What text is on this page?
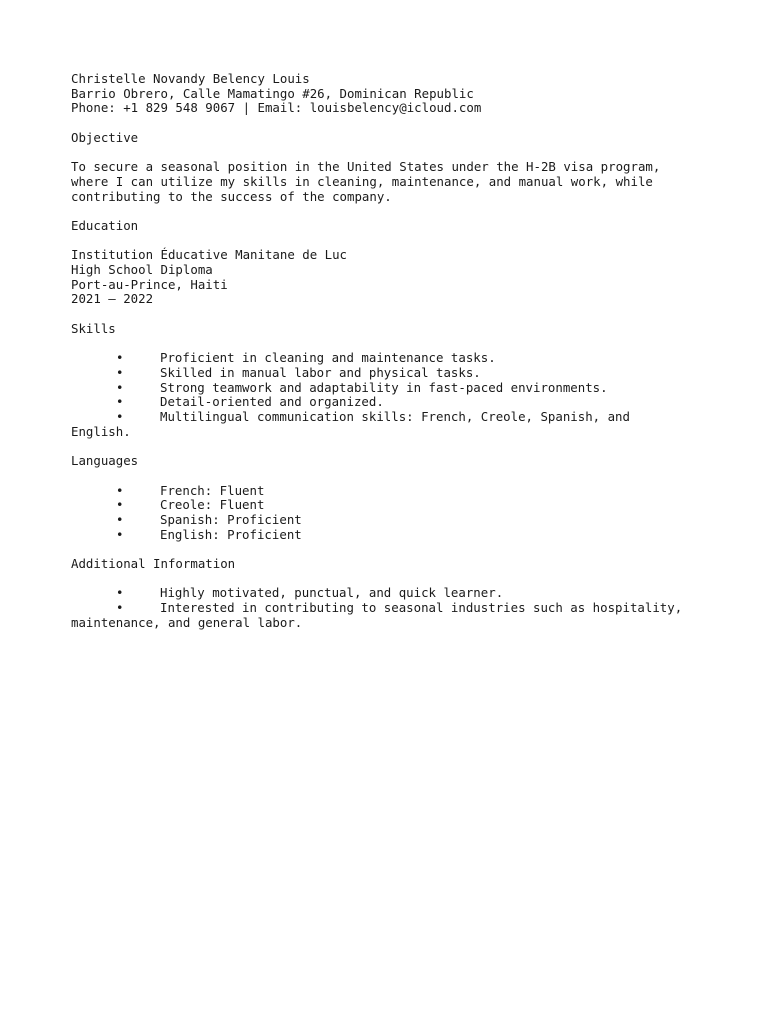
Christelle Novandy Belency Louis
Barrio Obrero, Calle Mamatingo #26, Dominican Republic
Phone: +1 829 548 9067 | Email: louisbelency@icloud.com
Objective
To secure a seasonal position in the United States under the H-2B visa program,
where I can utilize my skills in cleaning, maintenance, and manual work, while
contributing to the success of the company.
Education
Institution Éducative Manitane de Luc
High School Diploma
Port-au-Prince, Haiti
2021 – 2022
Skills
•	Proficient in cleaning and maintenance tasks.
•	Skilled in manual labor and physical tasks.
•	Strong teamwork and adaptability in fast-paced environments.
•	Detail-oriented and organized.
•	Multilingual communication skills: French, Creole, Spanish, and
English.
Languages
•	French: Fluent
•	Creole: Fluent
•	Spanish: Proficient
•	English: Proficient
Additional Information
•	Highly motivated, punctual, and quick learner.
•	Interested in contributing to seasonal industries such as hospitality,
maintenance, and general labor.
